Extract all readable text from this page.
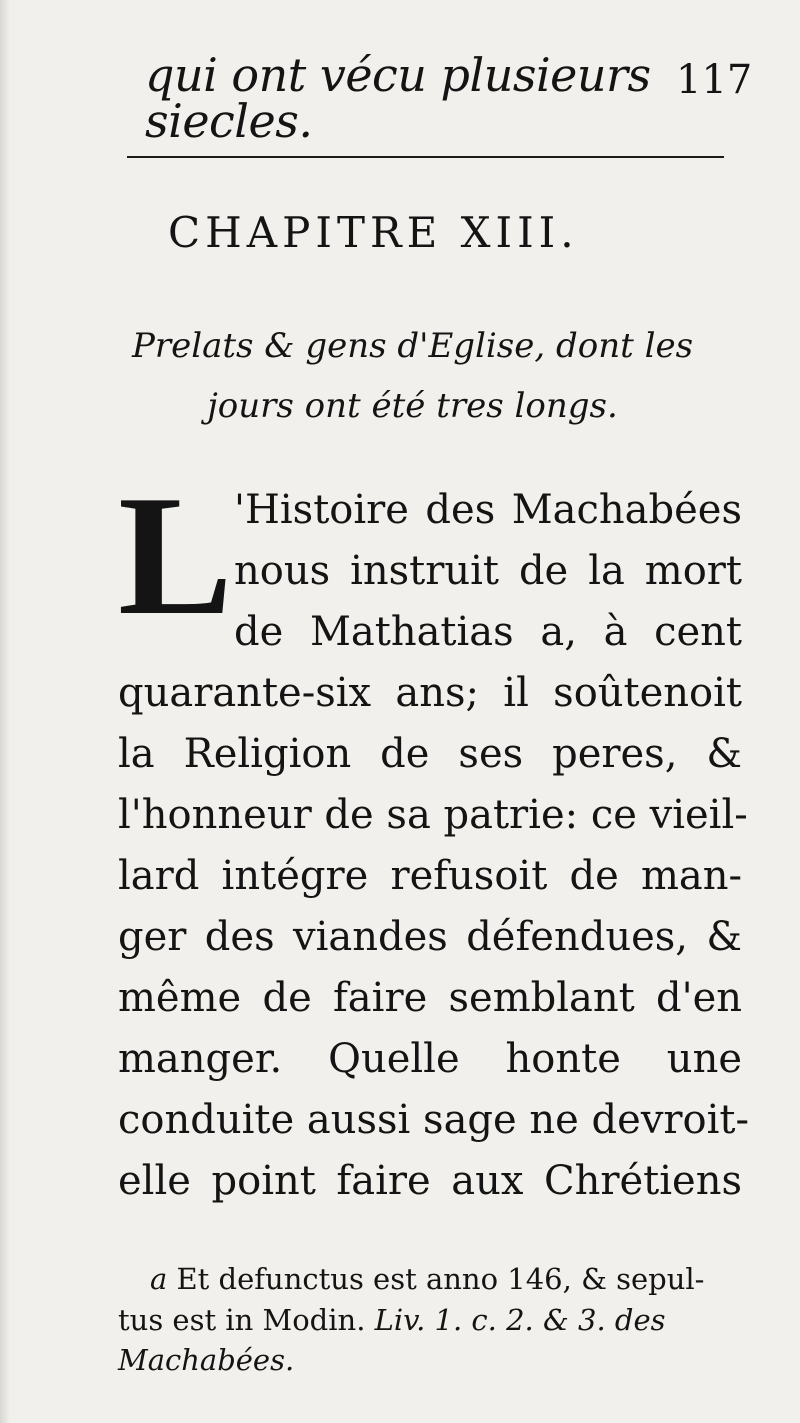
qui ont vécu plusieurs siecles.
117
CHAPITRE XIII.
Prelats & gens d'Eglise, dont les
jours ont été tres longs.
L 'Histoire des Machabées
nous instruit de la mort
de Mathatias a, à cent
quarante-six ans; il soûtenoit
la Religion de ses peres, &
l'honneur de sa patrie: ce vieil-
lard intégre refusoit de man-
ger des viandes défendues, &
même de faire semblant d'en
manger. Quelle honte une
conduite aussi sage ne devroit-
elle point faire aux Chrétiens
a Et defunctus est anno 146, & sepul-
tus est in Modin. Liv. 1. c. 2. & 3. des
Machabées.
